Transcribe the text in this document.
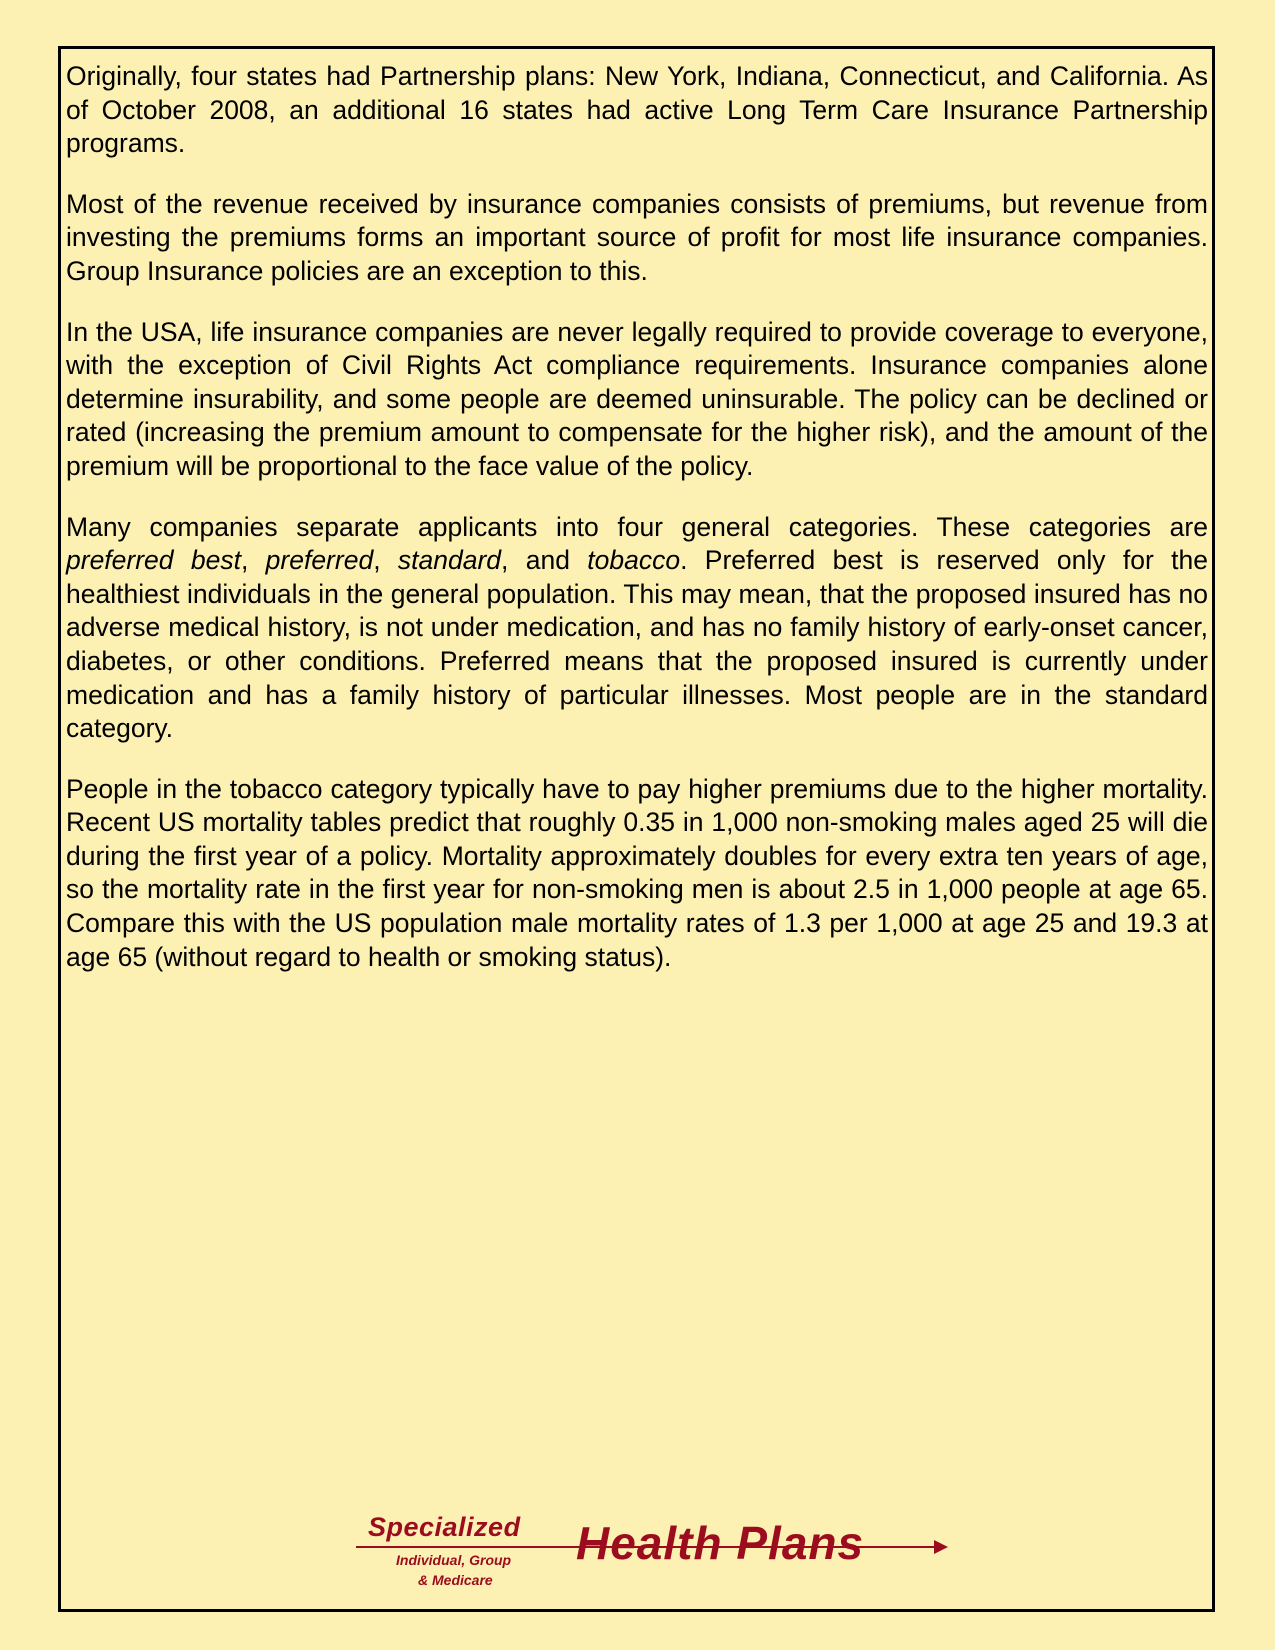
Originally, four states had Partnership plans: New York, Indiana, Connecticut, and California. As of October 2008, an additional 16 states had active Long Term Care Insurance Partnership programs.

Most of the revenue received by insurance companies consists of premiums, but revenue from investing the premiums forms an important source of profit for most life insurance companies. Group Insurance policies are an exception to this.

In the USA, life insurance companies are never legally required to provide coverage to everyone, with the exception of Civil Rights Act compliance requirements. Insurance companies alone determine insurability, and some people are deemed uninsurable. The policy can be declined or rated (increasing the premium amount to compensate for the higher risk), and the amount of the premium will be proportional to the face value of the policy.

Many companies separate applicants into four general categories. These categories are preferred best, preferred, standard, and tobacco. Preferred best is reserved only for the healthiest individuals in the general population. This may mean, that the proposed insured has no adverse medical history, is not under medication, and has no family history of early-onset cancer, diabetes, or other conditions. Preferred means that the proposed insured is currently under medication and has a family history of particular illnesses. Most people are in the standard category.

People in the tobacco category typically have to pay higher premiums due to the higher mortality. Recent US mortality tables predict that roughly 0.35 in 1,000 non-smoking males aged 25 will die during the first year of a policy. Mortality approximately doubles for every extra ten years of age, so the mortality rate in the first year for non-smoking men is about 2.5 in 1,000 people at age 65. Compare this with the US population male mortality rates of 1.3 per 1,000 at age 25 and 19.3 at age 65 (without regard to health or smoking status).

Specialized
Individual, Group
& Medicare
Health Plans
